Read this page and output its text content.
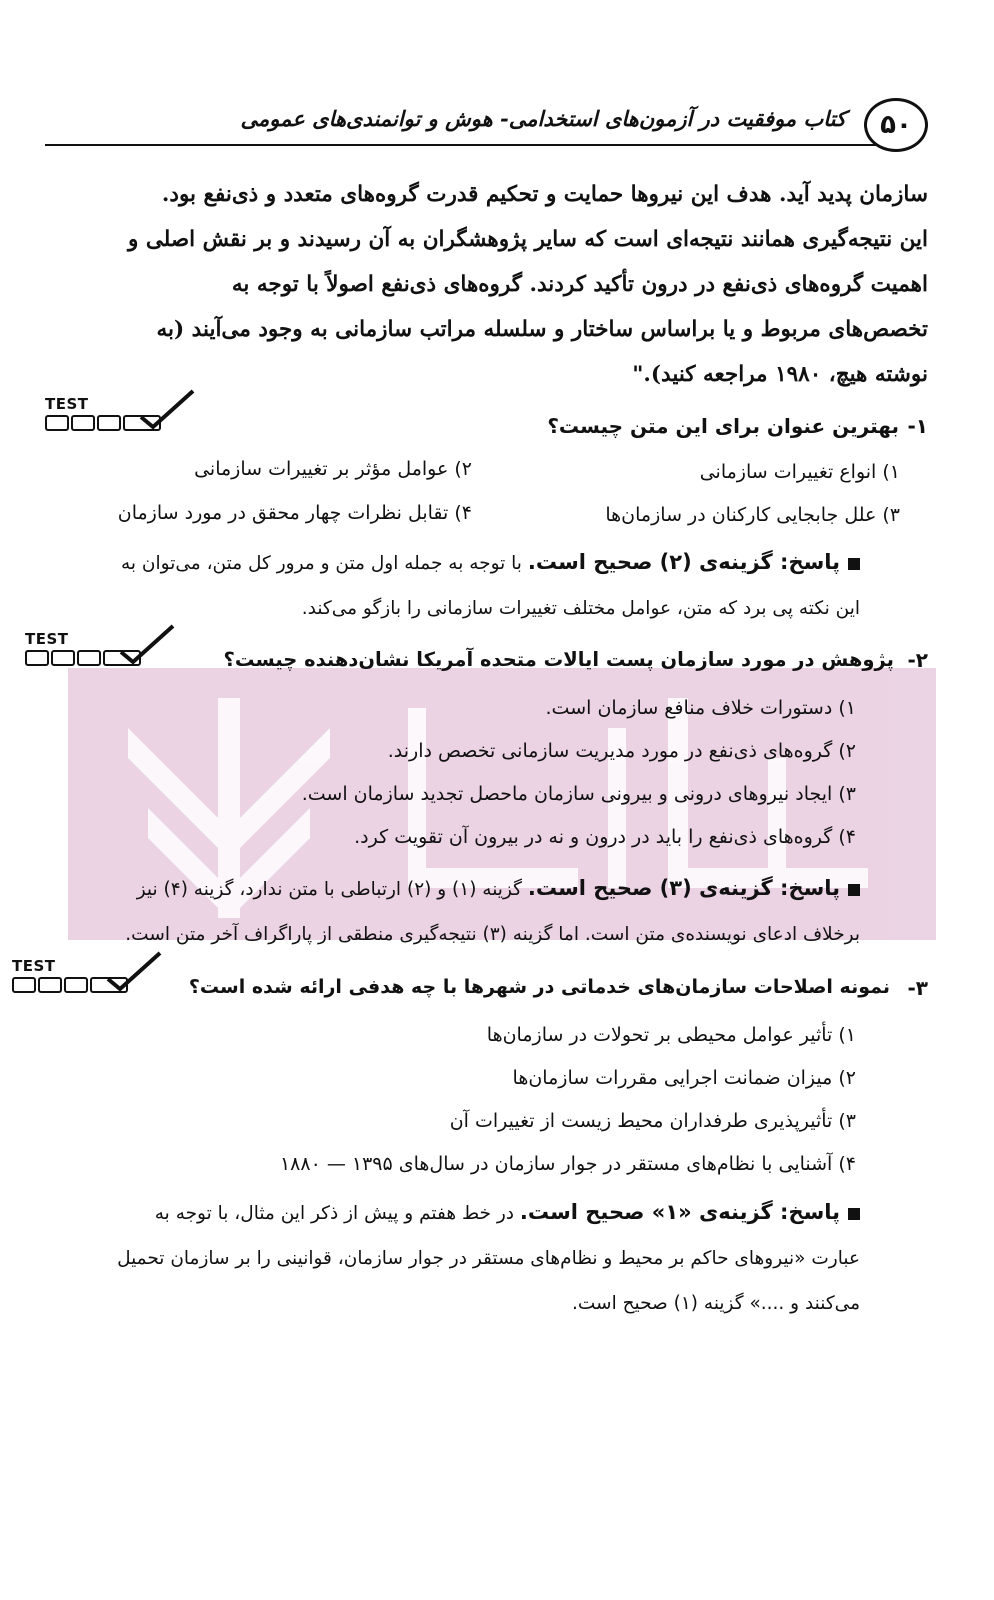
۵۰
کتاب موفقیت در آزمون‌های استخدامی- هوش و توانمندی‌های عمومی
سازمان پدید آید. هدف این نیروها حمایت و تحکیم قدرت گروه‌های متعدد و ذی‌نفع بود.
این نتیجه‌گیری همانند نتیجه‌ای است که سایر پژوهشگران به آن رسیدند و بر نقش اصلی و
اهمیت گروه‌های ذی‌نفع در درون تأکید کردند. گروه‌های ذی‌نفع اصولاً با توجه به
تخصص‌های مربوط و یا براساس ساختار و سلسله مراتب سازمانی به وجود می‌آیند (به
نوشته هیچ، ۱۹۸۰ مراجعه کنید)."
TEST
بهترین عنوان برای این متن چیست؟ ۱-
۱) انواع تغییرات سازمانی
۲) عوامل مؤثر بر تغییرات سازمانی
۳) علل جابجایی کارکنان در سازمان‌ها
۴) تقابل نظرات چهار محقق در مورد سازمان
پاسخ: گزینه‌ی (۲) صحیح است. با توجه به جمله اول متن و مرور کل متن، می‌توان به
این نکته پی برد که متن، عوامل مختلف تغییرات سازمانی را بازگو می‌کند.
TEST
پژوهش در مورد سازمان پست ایالات متحده آمریکا نشان‌دهنده چیست؟ ۲-
۱) دستورات خلاف منافع سازمان است.
۲) گروه‌های ذی‌نفع در مورد مدیریت سازمانی تخصص دارند.
۳) ایجاد نیروهای درونی و بیرونی سازمان ماحصل تجدید سازمان است.
۴) گروه‌های ذی‌نفع را باید در درون و نه در بیرون آن تقویت کرد.
پاسخ: گزینه‌ی (۳) صحیح است. گزینه (۱) و (۲) ارتباطی با متن ندارد، گزینه (۴) نیز
برخلاف ادعای نویسنده‌ی متن است. اما گزینه (۳) نتیجه‌گیری منطقی از پاراگراف آخر متن است.
TEST
نمونه اصلاحات سازمان‌های خدماتی در شهرها با چه هدفی ارائه شده است؟ ۳-
۱) تأثیر عوامل محیطی بر تحولات در سازمان‌ها
۲) میزان ضمانت اجرایی مقررات سازمان‌ها
۳) تأثیرپذیری طرفداران محیط زیست از تغییرات آن
۴) آشنایی با نظام‌های مستقر در جوار سازمان در سال‌های ۱۳۹۵ — ۱۸۸۰
پاسخ: گزینه‌ی «۱» صحیح است. در خط هفتم و پیش از ذکر این مثال، با توجه به
عبارت «نیروهای حاکم بر محیط و نظام‌های مستقر در جوار سازمان، قوانینی را بر سازمان تحمیل
می‌کنند و ....» گزینه (۱) صحیح است.
